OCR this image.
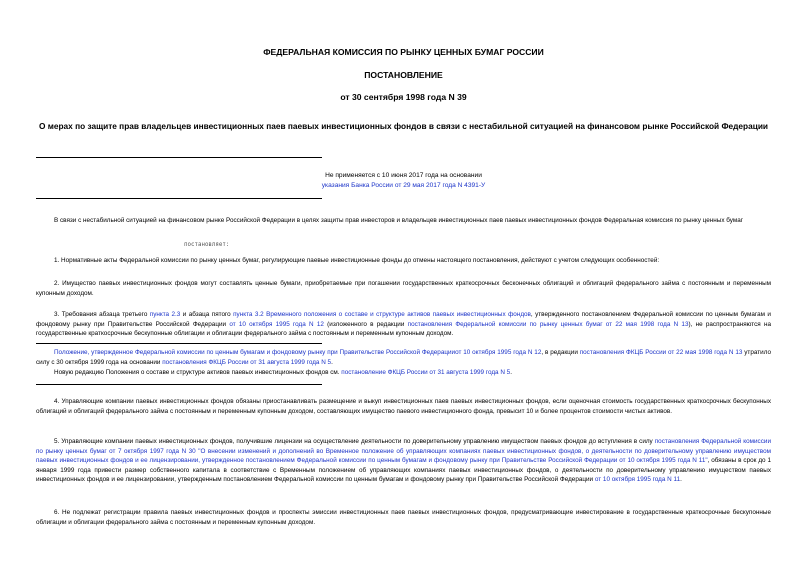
ФЕДЕРАЛЬНАЯ КОМИССИЯ ПО РЫНКУ ЦЕННЫХ БУМАГ РОССИИ
ПОСТАНОВЛЕНИЕ
от 30 сентября 1998 года N 39
О мерах по защите прав владельцев инвестиционных паев паевых инвестиционных фондов в связи с нестабильной ситуацией на финансовом рынке Российской Федерации
Не применяется с 10 июня 2017 года на основании
указания Банка России от 29 мая 2017 года N 4391-У
В связи с нестабильной ситуацией на финансовом рынке Российской Федерации в целях защиты прав инвесторов и владельцев инвестиционных паев паевых инвестиционных фондов Федеральная комиссия по рынку ценных бумаг
постановляет:
1. Нормативные акты Федеральной комиссии по рынку ценных бумаг, регулирующие паевые инвестиционные фонды до отмены настоящего постановления, действуют с учетом следующих особенностей:
2. Имущество паевых инвестиционных фондов могут составлять ценные бумаги, приобретаемые при погашении государственных краткосрочных бесконечных облигаций и облигаций федерального займа с постоянным и переменным купонным доходом.
3. Требования абзаца третьего пункта 2.3 и абзаца пятого пункта 3.2 Временного положения о составе и структуре активов паевых инвестиционных фондов, утвержденного постановлением Федеральной комиссии по ценным бумагам и фондовому рынку при Правительстве Российской Федерации от 10 октября 1995 года N 12 (изложенного в редакции постановления Федеральной комиссии по рынку ценных бумаг от 22 мая 1998 года N 13), не распространяются на государственные краткосрочные бескупонные облигации и облигации федерального займа с постоянным и переменным купонным доходом.
Положение, утвержденное Федеральной комиссии по ценным бумагам и фондовому рынку при Правительстве Российской Федерацииот 10 октября 1995 года N 12, в редакции постановления ФКЦБ России от 22 мая 1998 года N 13 утратило силу с 30 октября 1999 года на основании постановления ФКЦБ России от 31 августа 1999 года N 5.
Новую редакцию Положения о составе и структуре активов паевых инвестиционных фондов см. постановление ФКЦБ России от 31 августа 1999 года N 5.
4. Управляющие компании паевых инвестиционных фондов обязаны приостанавливать размещение и выкуп инвестиционных паев паевых инвестиционных фондов, если оценочная стоимость государственных краткосрочных бескупонных облигаций и облигаций федерального займа с постоянным и переменным купонным доходом, составляющих имущество паевого инвестиционного фонда, превысит 10 и более процентов стоимости чистых активов.
5. Управляющие компании паевых инвестиционных фондов, получившие лицензии на осуществление деятельности по доверительному управлению имуществом паевых фондов до вступления в силу постановления Федеральной комиссии по рынку ценных бумаг от 7 октября 1997 года N 30 "О внесении изменений и дополнений во Временное положение об управляющих компаниях паевых инвестиционных фондов, о деятельности по доверительному управлению имуществом паевых инвестиционных фондов и ее лицензировании, утвержденное постановлением Федеральной комиссии по ценным бумагам и фондовому рынку при Правительстве Российской Федерации от 10 октября 1995 года N 11", обязаны в срок до 1 января 1999 года привести размер собственного капитала в соответствие с Временным положением об управляющих компаниях паевых инвестиционных фондов, о деятельности по доверительному управлению имуществом паевых инвестиционных фондов и ее лицензировании, утвержденным постановлением Федеральной комиссии по ценным бумагам и фондовому рынку при Правительстве Российской Федерации от 10 октября 1995 года N 11.
6. Не подлежат регистрации правила паевых инвестиционных фондов и проспекты эмиссии инвестиционных паев паевых инвестиционных фондов, предусматривающие инвестирование в государственные краткосрочные бескупонные облигации и облигации федерального займа с постоянным и переменным купонным доходом.
